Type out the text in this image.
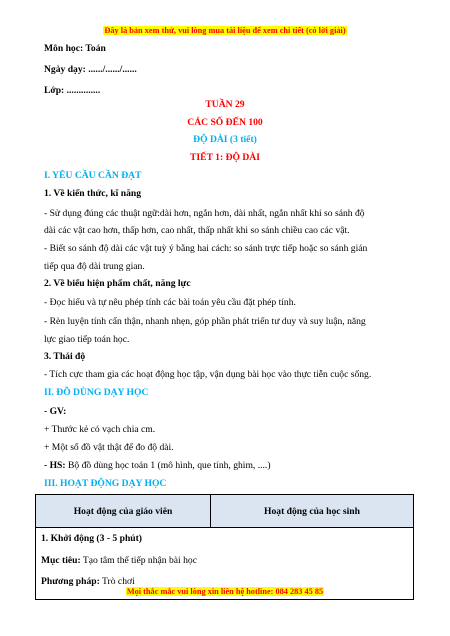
Đây là bản xem thử, vui lòng mua tài liệu để xem chi tiết (có lời giải)
Môn học: Toán
Ngày dạy: ....../....../......
Lớp: ..............
TUẦN 29
CÁC SỐ ĐẾN 100
ĐỘ DÀI (3 tiết)
TIẾT 1: ĐỘ DÀI
I. YÊU CẦU CẦN ĐẠT
1. Về kiến thức, kĩ năng
- Sử dụng đúng các thuật ngữ:dài hơn, ngắn hơn, dài nhất, ngắn nhất khi so sánh độ
dài các vật cao hơn, thấp hơn, cao nhất, thấp nhất khi so sánh chiều cao các vật.
- Biết so sánh độ dài các vật tuỳ ý bằng hai cách: so sánh trực tiếp hoặc so sánh gián
tiếp qua độ dài trung gian.
2. Về biểu hiện phẩm chất, năng lực
- Đọc hiểu và tự nêu phép tính các bài toán yêu cầu đặt phép tính.
- Rèn luyện tính cẩn thận, nhanh nhẹn, góp phần phát triển tư duy và suy luận, năng
lực giao tiếp toán học.
3. Thái độ
- Tích cực tham gia các hoạt động học tập, vận dụng bài học vào thực tiễn cuộc sống.
II. ĐỒ DÙNG DẠY HỌC
- GV:
+ Thước kẻ có vạch chia cm.
+ Một số đồ vật thật để đo độ dài.
- HS: Bộ đồ dùng học toán 1 (mô hình, que tính, ghim, ....)
III. HOẠT ĐỘNG DẠY HỌC
Hoạt động của giáo viên	Hoạt động của học sinh

1. Khởi động (3 - 5 phút)
Mục tiêu: Tạo tâm thế tiếp nhận bài học
Phương pháp: Trò chơi
Mọi thắc mắc vui lòng xin liên hệ hotline: 084 283 45 85
